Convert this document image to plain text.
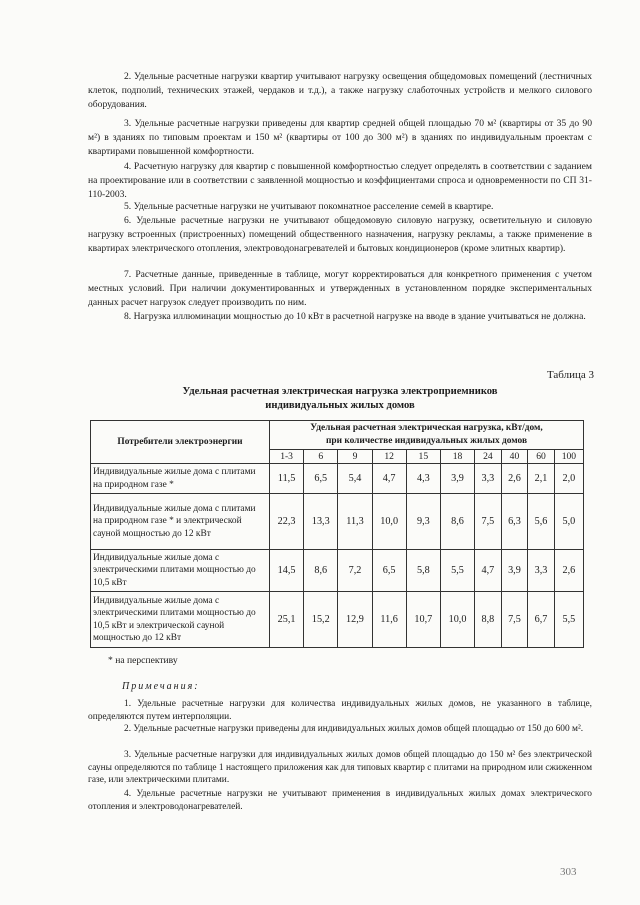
2. Удельные расчетные нагрузки квартир учитывают нагрузку освещения общедомовых помещений (лестничных клеток, подполий, технических этажей, чердаков и т.д.), а также нагрузку слаботочных устройств и мелкого силового оборудования.

3. Удельные расчетные нагрузки приведены для квартир средней общей площадью 70 м² (квартиры от 35 до 90 м²) в зданиях по типовым проектам и 150 м² (квартиры от 100 до 300 м²) в зданиях по индивидуальным проектам с квартирами повышенной комфортности.

4. Расчетную нагрузку для квартир с повышенной комфортностью следует определять в соответствии с заданием на проектирование или в соответствии с заявленной мощностью и коэффициентами спроса и одновременности по СП 31-110-2003.

5. Удельные расчетные нагрузки не учитывают покомнатное расселение семей в квартире.

6. Удельные расчетные нагрузки не учитывают общедомовую силовую нагрузку, осветительную и силовую нагрузку встроенных (пристроенных) помещений общественного назначения, нагрузку рекламы, а также применение в квартирах электрического отопления, электроводонагревателей и бытовых кондиционеров (кроме элитных квартир).

7. Расчетные данные, приведенные в таблице, могут корректироваться для конкретного применения с учетом местных условий. При наличии документированных и утвержденных в установленном порядке экспериментальных данных расчет нагрузок следует производить по ним.

8. Нагрузка иллюминации мощностью до 10 кВт в расчетной нагрузке на вводе в здание учитываться не должна.

Таблица 3
Удельная расчетная электрическая нагрузка электроприемников
индивидуальных жилых домов
Потребители электроэнергии	Удельная расчетная электрическая нагрузка, кВт/дом,
при количестве индивидуальных жилых домов									

	1-3	6	9	12	15	18	24	40	60	100
Индивидуальные жилые дома с плитами на природном газе *	11,5	6,5	5,4	4,7	4,3	3,9	3,3	2,6	2,1	2,0
Индивидуальные жилые дома с плитами на природном газе * и электрической сауной мощностью до 12 кВт	22,3	13,3	11,3	10,0	9,3	8,6	7,5	6,3	5,6	5,0
Индивидуальные жилые дома с электрическими плитами мощностью до 10,5 кВт	14,5	8,6	7,2	6,5	5,8	5,5	4,7	3,9	3,3	2,6
Индивидуальные жилые дома с электрическими плитами мощностью до 10,5 кВт и электрической сауной мощностью до 12 кВт	25,1	15,2	12,9	11,6	10,7	10,0	8,8	7,5	6,7	5,5
* на перспективу
Примечания:

1. Удельные расчетные нагрузки для количества индивидуальных жилых домов, не указанного в таблице, определяются путем интерполяции.

2. Удельные расчетные нагрузки приведены для индивидуальных жилых домов общей площадью от 150 до 600 м².

3. Удельные расчетные нагрузки для индивидуальных жилых домов общей площадью до 150 м² без электрической сауны определяются по таблице 1 настоящего приложения как для типовых квартир с плитами на природном или сжиженном газе, или электрическими плитами.

4. Удельные расчетные нагрузки не учитывают применения в индивидуальных жилых домах электрического отопления и электроводонагревателей.

303
